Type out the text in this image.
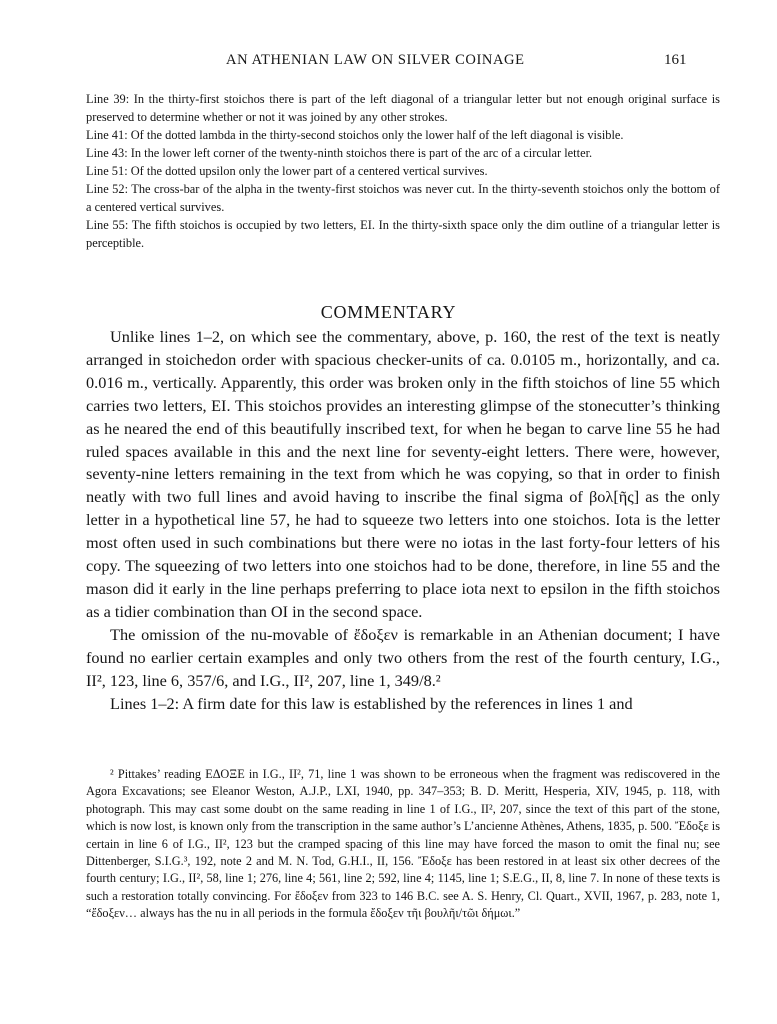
AN ATHENIAN LAW ON SILVER COINAGE	161

Line 39: In the thirty-first stoichos there is part of the left diagonal of a triangular letter but not enough original surface is preserved to determine whether or not it was joined by any other strokes.

Line 41: Of the dotted lambda in the thirty-second stoichos only the lower half of the left diagonal is visible.

Line 43: In the lower left corner of the twenty-ninth stoichos there is part of the arc of a circular letter.

Line 51: Of the dotted upsilon only the lower part of a centered vertical survives.

Line 52: The cross-bar of the alpha in the twenty-first stoichos was never cut. In the thirty-seventh stoichos only the bottom of a centered vertical survives.

Line 55: The fifth stoichos is occupied by two letters, ΕΙ. In the thirty-sixth space only the dim outline of a triangular letter is perceptible.

COMMENTARY

Unlike lines 1–2, on which see the commentary, above, p. 160, the rest of the text is neatly arranged in stoichedon order with spacious checker-units of ca. 0.0105 m., horizontally, and ca. 0.016 m., vertically. Apparently, this order was broken only in the fifth stoichos of line 55 which carries two letters, ΕΙ. This stoichos provides an interesting glimpse of the stonecutter’s thinking as he neared the end of this beautifully inscribed text, for when he began to carve line 55 he had ruled spaces available in this and the next line for seventy-eight letters. There were, however, seventy-nine letters remaining in the text from which he was copying, so that in order to finish neatly with two full lines and avoid having to inscribe the final sigma of βολ[ῆς] as the only letter in a hypothetical line 57, he had to squeeze two letters into one stoichos. Iota is the letter most often used in such combinations but there were no iotas in the last forty-four letters of his copy. The squeezing of two letters into one stoichos had to be done, therefore, in line 55 and the mason did it early in the line perhaps preferring to place iota next to epsilon in the fifth stoichos as a tidier combination than ΟΙ in the second space.

The omission of the nu-movable of ἔδοξεν is remarkable in an Athenian document; I have found no earlier certain examples and only two others from the rest of the fourth century, I.G., II², 123, line 6, 357/6, and I.G., II², 207, line 1, 349/8.²

Lines 1–2: A firm date for this law is established by the references in lines 1 and

² Pittakes’ reading ΕΔΟΞΕ in I.G., II², 71, line 1 was shown to be erroneous when the fragment was rediscovered in the Agora Excavations; see Eleanor Weston, A.J.P., LXI, 1940, pp. 347–353; B. D. Meritt, Hesperia, XIV, 1945, p. 118, with photograph. This may cast some doubt on the same reading in line 1 of I.G., II², 207, since the text of this part of the stone, which is now lost, is known only from the transcription in the same author’s L’ancienne Athènes, Athens, 1835, p. 500. Ἔδοξε is certain in line 6 of I.G., II², 123 but the cramped spacing of this line may have forced the mason to omit the final nu; see Dittenberger, S.I.G.³, 192, note 2 and M. N. Tod, G.H.I., II, 156. Ἔδοξε has been restored in at least six other decrees of the fourth century; I.G., II², 58, line 1; 276, line 4; 561, line 2; 592, line 4; 1145, line 1; S.E.G., II, 8, line 7. In none of these texts is such a restoration totally convincing. For ἔδοξεν from 323 to 146 B.C. see A. S. Henry, Cl. Quart., XVII, 1967, p. 283, note 1, “ἔδοξεν… always has the nu in all periods in the formula ἔδοξεν τῆι βουλῆι/τῶι δήμωι.”
